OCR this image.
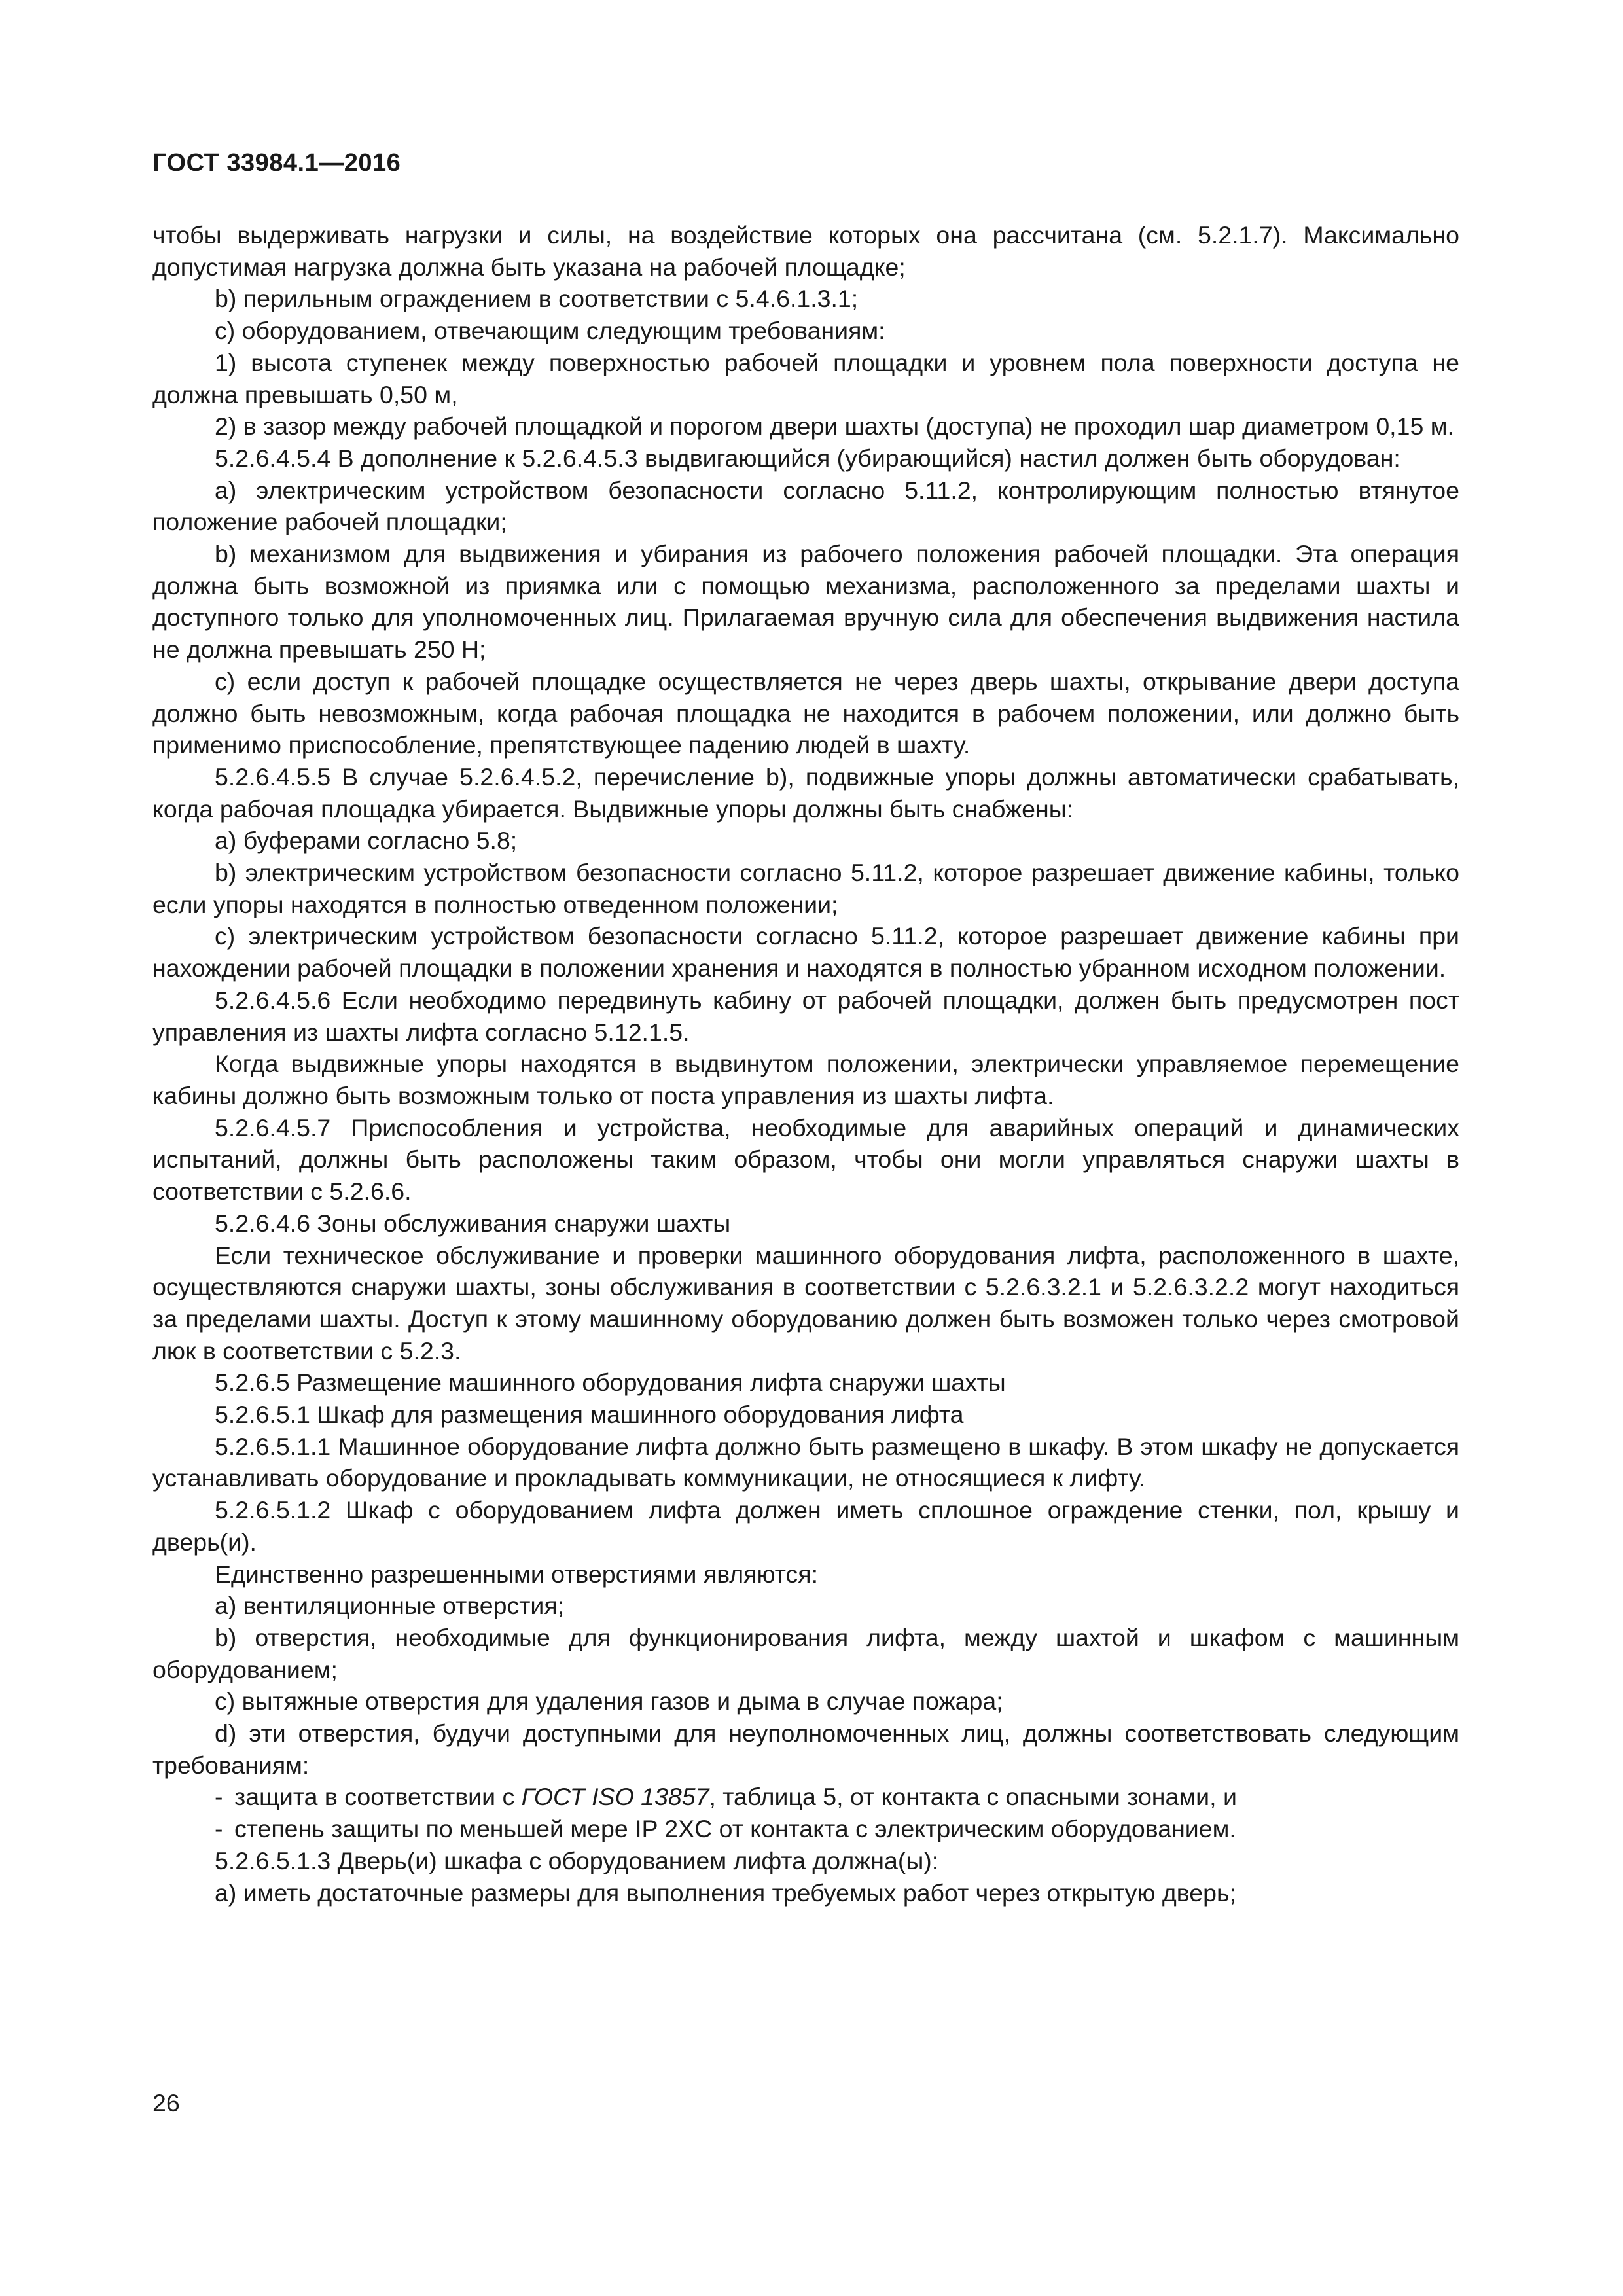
ГОСТ 33984.1—2016

чтобы выдерживать нагрузки и силы, на воздействие которых она рассчитана (см. 5.2.1.7). Максимально допустимая нагрузка должна быть указана на рабочей площадке;

b) перильным ограждением в соответствии с 5.4.6.1.3.1;

c) оборудованием, отвечающим следующим требованиям:

1) высота ступенек между поверхностью рабочей площадки и уровнем пола поверхности доступа не должна превышать 0,50 м,

2) в зазор между рабочей площадкой и порогом двери шахты (доступа) не проходил шар диаметром 0,15 м.

5.2.6.4.5.4 В дополнение к 5.2.6.4.5.3 выдвигающийся (убирающийся) настил должен быть оборудован:

a) электрическим устройством безопасности согласно 5.11.2, контролирующим полностью втянутое положение рабочей площадки;

b) механизмом для выдвижения и убирания из рабочего положения рабочей площадки. Эта операция должна быть возможной из приямка или с помощью механизма, расположенного за пределами шахты и доступного только для уполномоченных лиц. Прилагаемая вручную сила для обеспечения выдвижения настила не должна превышать 250 Н;

c) если доступ к рабочей площадке осуществляется не через дверь шахты, открывание двери доступа должно быть невозможным, когда рабочая площадка не находится в рабочем положении, или должно быть применимо приспособление, препятствующее падению людей в шахту.

5.2.6.4.5.5 В случае 5.2.6.4.5.2, перечисление b), подвижные упоры должны автоматически срабатывать, когда рабочая площадка убирается. Выдвижные упоры должны быть снабжены:

a) буферами согласно 5.8;

b) электрическим устройством безопасности согласно 5.11.2, которое разрешает движение кабины, только если упоры находятся в полностью отведенном положении;

c) электрическим устройством безопасности согласно 5.11.2, которое разрешает движение кабины при нахождении рабочей площадки в положении хранения и находятся в полностью убранном исходном положении.

5.2.6.4.5.6 Если необходимо передвинуть кабину от рабочей площадки, должен быть предусмотрен пост управления из шахты лифта согласно 5.12.1.5.

Когда выдвижные упоры находятся в выдвинутом положении, электрически управляемое перемещение кабины должно быть возможным только от поста управления из шахты лифта.

5.2.6.4.5.7 Приспособления и устройства, необходимые для аварийных операций и динамических испытаний, должны быть расположены таким образом, чтобы они могли управляться снаружи шахты в соответствии с 5.2.6.6.

5.2.6.4.6 Зоны обслуживания снаружи шахты

Если техническое обслуживание и проверки машинного оборудования лифта, расположенного в шахте, осуществляются снаружи шахты, зоны обслуживания в соответствии с 5.2.6.3.2.1 и 5.2.6.3.2.2 могут находиться за пределами шахты. Доступ к этому машинному оборудованию должен быть возможен только через смотровой люк в соответствии с 5.2.3.

5.2.6.5 Размещение машинного оборудования лифта снаружи шахты

5.2.6.5.1 Шкаф для размещения машинного оборудования лифта

5.2.6.5.1.1 Машинное оборудование лифта должно быть размещено в шкафу. В этом шкафу не допускается устанавливать оборудование и прокладывать коммуникации, не относящиеся к лифту.

5.2.6.5.1.2 Шкаф с оборудованием лифта должен иметь сплошное ограждение стенки, пол, крышу и дверь(и).

Единственно разрешенными отверстиями являются:

a) вентиляционные отверстия;

b) отверстия, необходимые для функционирования лифта, между шахтой и шкафом с машинным оборудованием;

c) вытяжные отверстия для удаления газов и дыма в случае пожара;

d) эти отверстия, будучи доступными для неуполномоченных лиц, должны соответствовать следующим требованиям:

- защита в соответствии с ГОСТ ISO 13857, таблица 5, от контакта с опасными зонами, и

- степень защиты по меньшей мере IP 2XC от контакта с электрическим оборудованием.

5.2.6.5.1.3 Дверь(и) шкафа с оборудованием лифта должна(ы):

a) иметь достаточные размеры для выполнения требуемых работ через открытую дверь;

26
